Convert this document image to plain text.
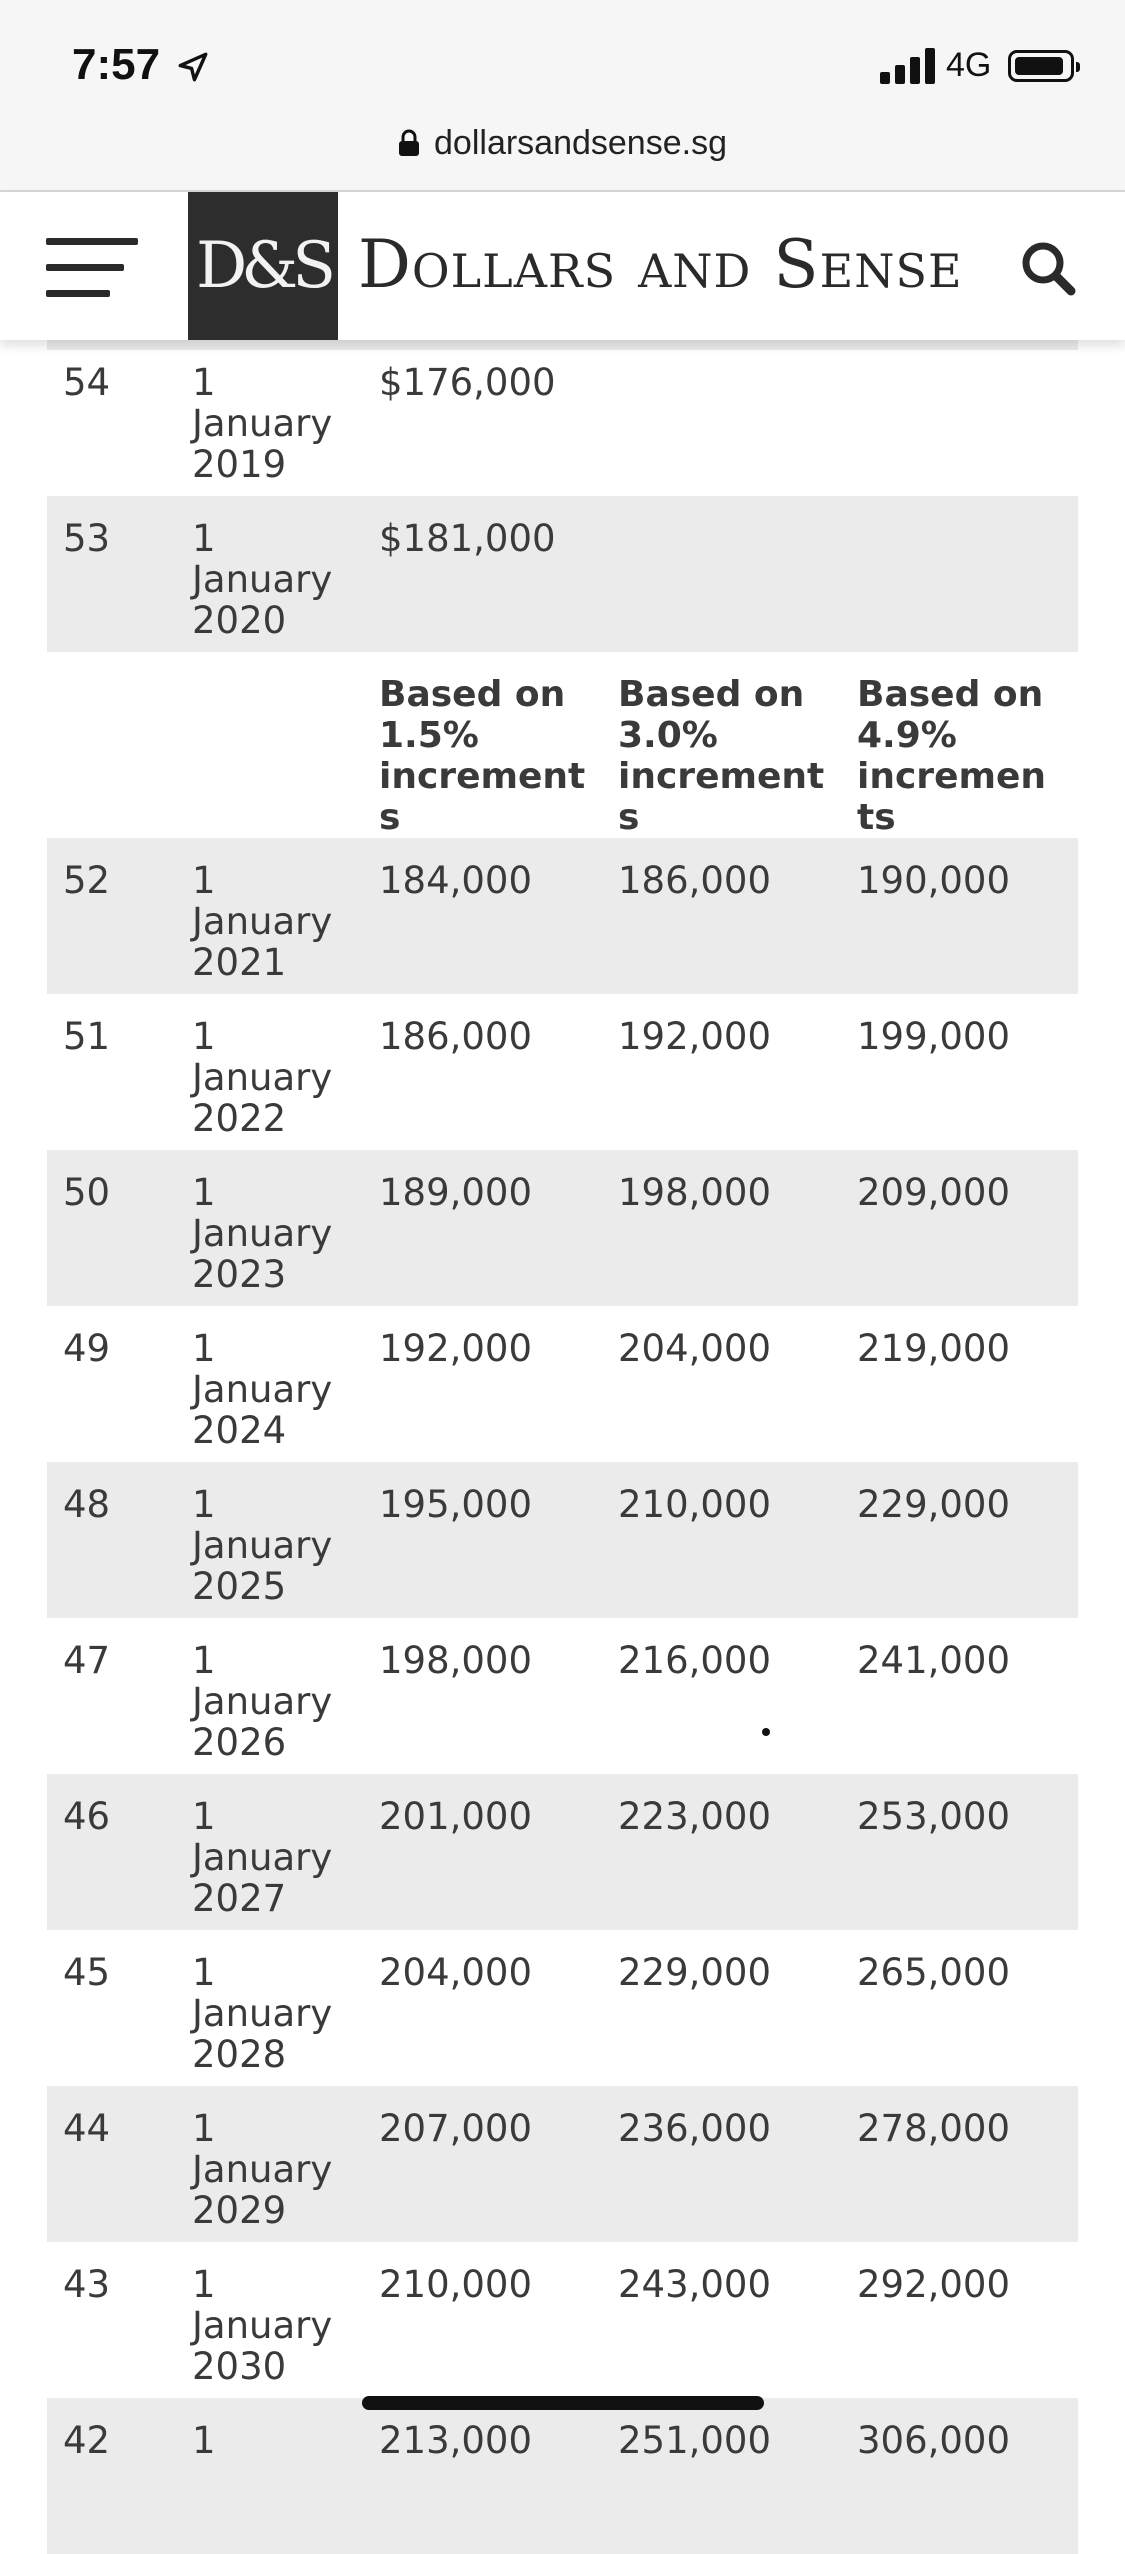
7:57	4G
dollarsandsense.sg
D&S Dollars and Sense
54	1 January 2019	$176,000		
53	1 January 2020	$181,000		
		Based on 1.5% increments	Based on 3.0% increments	Based on 4.9% increments
52	1 January 2021	184,000	186,000	190,000
51	1 January 2022	186,000	192,000	199,000
50	1 January 2023	189,000	198,000	209,000
49	1 January 2024	192,000	204,000	219,000
48	1 January 2025	195,000	210,000	229,000
47	1 January 2026	198,000	216,000	241,000
46	1 January 2027	201,000	223,000	253,000
45	1 January 2028	204,000	229,000	265,000
44	1 January 2029	207,000	236,000	278,000
43	1 January 2030	210,000	243,000	292,000
42	1	213,000	251,000	306,000
